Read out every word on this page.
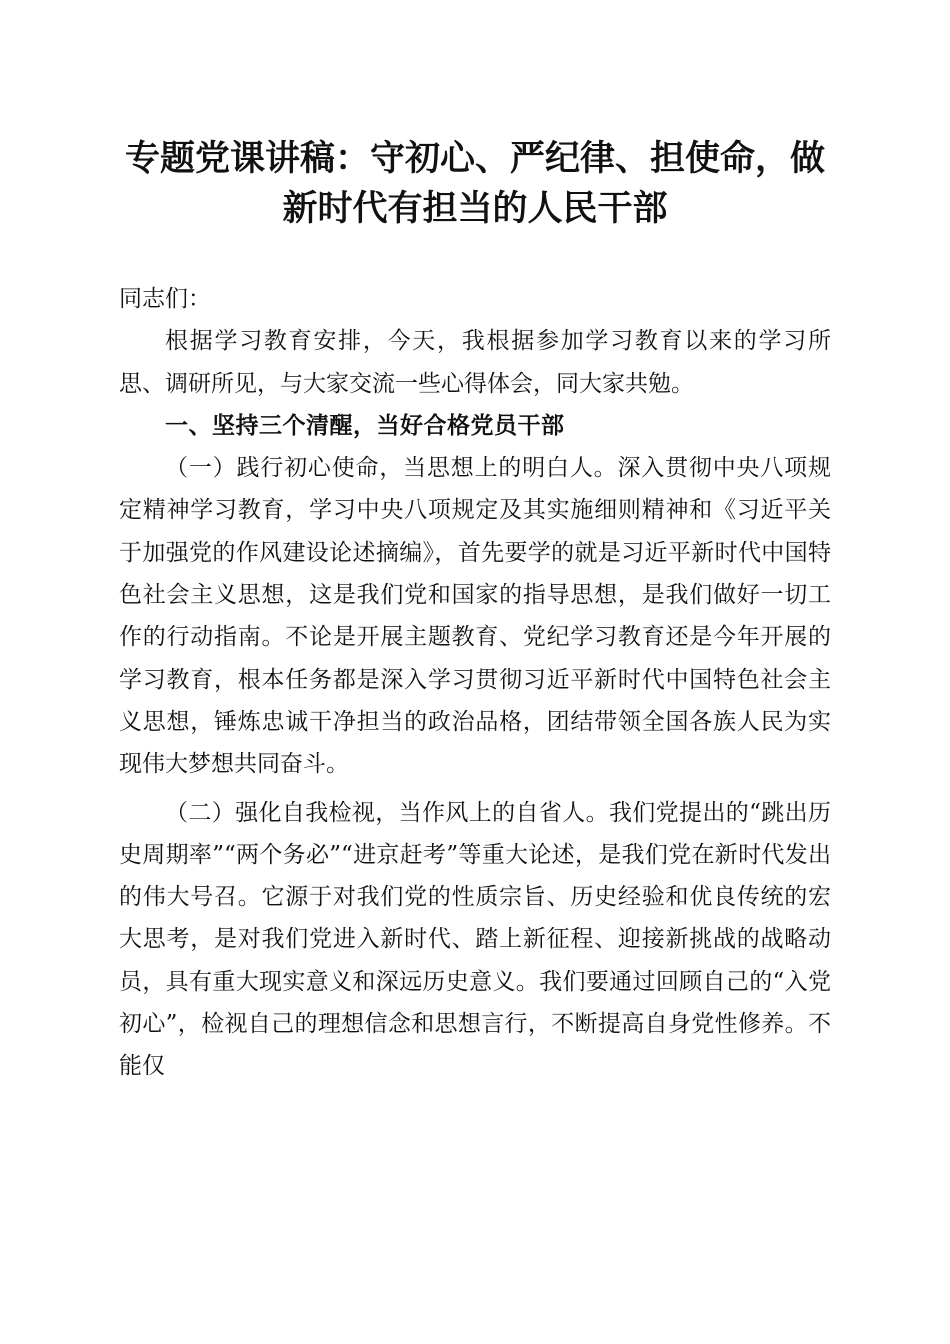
专题党课讲稿：守初心、严纪律、担使命，做
新时代有担当的人民干部

同志们：

根据学习教育安排，今天，我根据参加学习教育以来的学习所思、调研所见，与大家交流一些心得体会，同大家共勉。

一、坚持三个清醒，当好合格党员干部

（一）践行初心使命，当思想上的明白人。深入贯彻中央八项规定精神学习教育，学习中央八项规定及其实施细则精神和《习近平关于加强党的作风建设论述摘编》，首先要学的就是习近平新时代中国特色社会主义思想，这是我们党和国家的指导思想，是我们做好一切工作的行动指南。不论是开展主题教育、党纪学习教育还是今年开展的学习教育，根本任务都是深入学习贯彻习近平新时代中国特色社会主义思想，锤炼忠诚干净担当的政治品格，团结带领全国各族人民为实现伟大梦想共同奋斗。

（二）强化自我检视，当作风上的自省人。我们党提出的“跳出历史周期率”“两个务必”“进京赶考”等重大论述，是我们党在新时代发出的伟大号召。它源于对我们党的性质宗旨、历史经验和优良传统的宏大思考，是对我们党进入新时代、踏上新征程、迎接新挑战的战略动员，具有重大现实意义和深远历史意义。我们要通过回顾自己的“入党初心”，检视自己的理想信念和思想言行，不断提高自身党性修养。不能仅
